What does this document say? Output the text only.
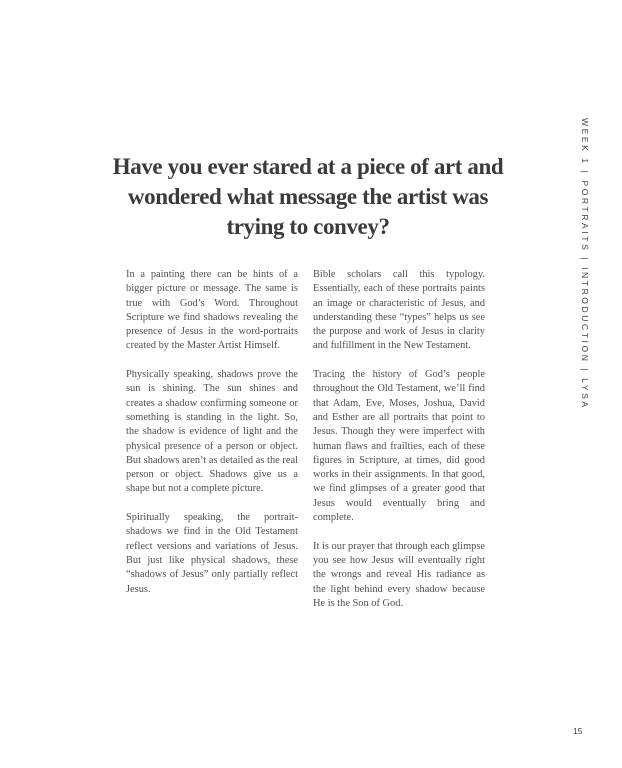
Have you ever stared at a piece of art and wondered what message the artist was trying to convey?

In a painting there can be hints of a bigger picture or message. The same is true with God’s Word. Throughout Scripture we find shadows revealing the presence of Jesus in the word-portraits created by the Master Artist Himself.

Physically speaking, shadows prove the sun is shining. The sun shines and creates a shadow confirming someone or something is standing in the light. So, the shadow is evidence of light and the physical presence of a person or object. But shadows aren’t as detailed as the real person or object. Shadows give us a shape but not a complete picture.

Spiritually speaking, the portrait-shadows we find in the Old Testament reflect versions and variations of Jesus. But just like physical shadows, these “shadows of Jesus” only partially reflect Jesus.

Bible scholars call this typology. Essentially, each of these portraits paints an image or characteristic of Jesus, and understanding these “types” helps us see the purpose and work of Jesus in clarity and fulfillment in the New Testament.

Tracing the history of God’s people throughout the Old Testament, we’ll find that Adam, Eve, Moses, Joshua, David and Esther are all portraits that point to Jesus. Though they were imperfect with human flaws and frailties, each of these figures in Scripture, at times, did good works in their assignments. In that good, we find glimpses of a greater good that Jesus would eventually bring and complete.

It is our prayer that through each glimpse you see how Jesus will eventually right the wrongs and reveal His radiance as the light behind every shadow because He is the Son of God.

WEEK 1 | PORTRAITS | INTRODUCTION | LYSA
15
